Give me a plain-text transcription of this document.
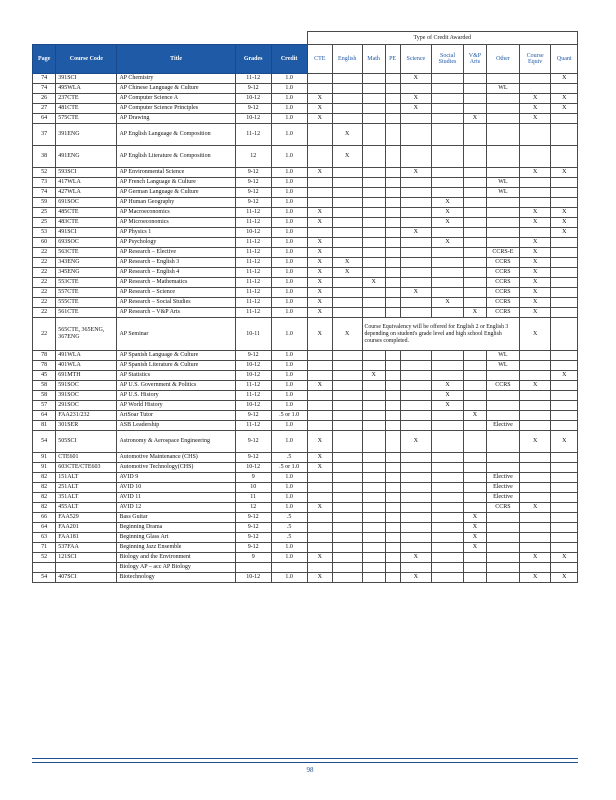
					Type of Credit Awarded									
Page	Course Code	Title	Grades	Credit	CTE	English	Math	PE	Science	Social Studies	V&P Arts	Other	Course Equiv	Quant
74	391SCI	AP Chemistry	11-12	1.0					X					X
74	495WLA	AP Chinese Language & Culture	9-12	1.0								WL		
26	237CTE	AP Computer Science A	10-12	1.0	X				X				X	X
27	481CTE	AP Computer Science Principles	9-12	1.0	X				X				X	X
64	575CTE	AP Drawing	10-12	1.0	X						X		X	
37	391ENG	AP English Language & Composition	11-12	1.0		X								
38	491ENG	AP English Literature & Composition	12	1.0		X								
52	593SCI	AP Environmental Science	9-12	1.0	X				X				X	X
73	417WLA	AP French Language & Culture	9-12	1.0								WL		
74	427WLA	AP German Language & Culture	9-12	1.0								WL		
59	691SOC	AP Human Geography	9-12	1.0						X				
25	485CTE	AP Macroeconomics	11-12	1.0	X					X			X	X
25	483CTE	AP Microeconomics	11-12	1.0	X					X			X	X
53	491SCI	AP Physics 1	10-12	1.0					X					X
60	693SOC	AP Psychology	11-12	1.0	X					X			X	
22	563CTE	AP Research – Elective	11-12	1.0	X							CCRS-E	X	
22	343ENG	AP Research – English 3	11-12	1.0	X	X						CCRS	X	
22	345ENG	AP Research – English 4	11-12	1.0	X	X						CCRS	X	
22	553CTE	AP Research – Mathematics	11-12	1.0	X		X					CCRS	X	
22	557CTE	AP Research – Science	11-12	1.0	X				X			CCRS	X	
22	555CTE	AP Research – Social Studies	11-12	1.0	X					X		CCRS	X	
22	561CTE	AP Research – V&P Arts	11-12	1.0	X						X	CCRS	X	
22	565CTE, 365ENG, 367ENG	AP Seminar	10-11	1.0	X	X	Course Equivalency will be offered for English 2 or English 3 depending on student's grade level and high school English courses completed.						X	
78	491WLA	AP Spanish Language & Culture	9-12	1.0								WL		
78	401WLA	AP Spanish Literature & Culture	10-12	1.0								WL		
45	691MTH	AP Statistics	10-12	1.0			X							X
58	591SOC	AP U.S. Government & Politics	11-12	1.0	X					X		CCRS	X	
58	391SOC	AP U.S. History	11-12	1.0						X				
57	291SOC	AP World History	10-12	1.0						X				
64	FAA231/232	ArtSoar Tutor	9-12	.5 or 1.0							X			
81	301SER	ASB Leadership	11-12	1.0								Elective		
54	505SCI	Astronomy & Aerospace Engineering	9-12	1.0	X				X				X	X
91	CTE601	Automotive Maintenance (CHS)	9-12	.5	X									
91	603CTE/CTE603	Automotive Technology(CHS)	10-12	.5 or 1.0	X									
82	151ALT	AVID 9	9	1.0								Elective		
82	251ALT	AVID 10	10	1.0								Elective		
82	351ALT	AVID 11	11	1.0								Elective		
82	455ALT	AVID 12	12	1.0	X							CCRS	X	
66	FAA529	Bass Guitar	9-12	.5							X			
64	FAA201	Beginning Drama	9-12	.5							X			
63	FAA181	Beginning Glass Art	9-12	.5							X			
71	537FAA	Beginning Jazz Ensemble	9-12	1.0							X			
52	121SCI	Biology and the Environment	9	1.0	X				X				X	X
		Biology AP – acc AP Biology												
54	407SCI	Biotechnology	10-12	1.0	X				X				X	X
98
